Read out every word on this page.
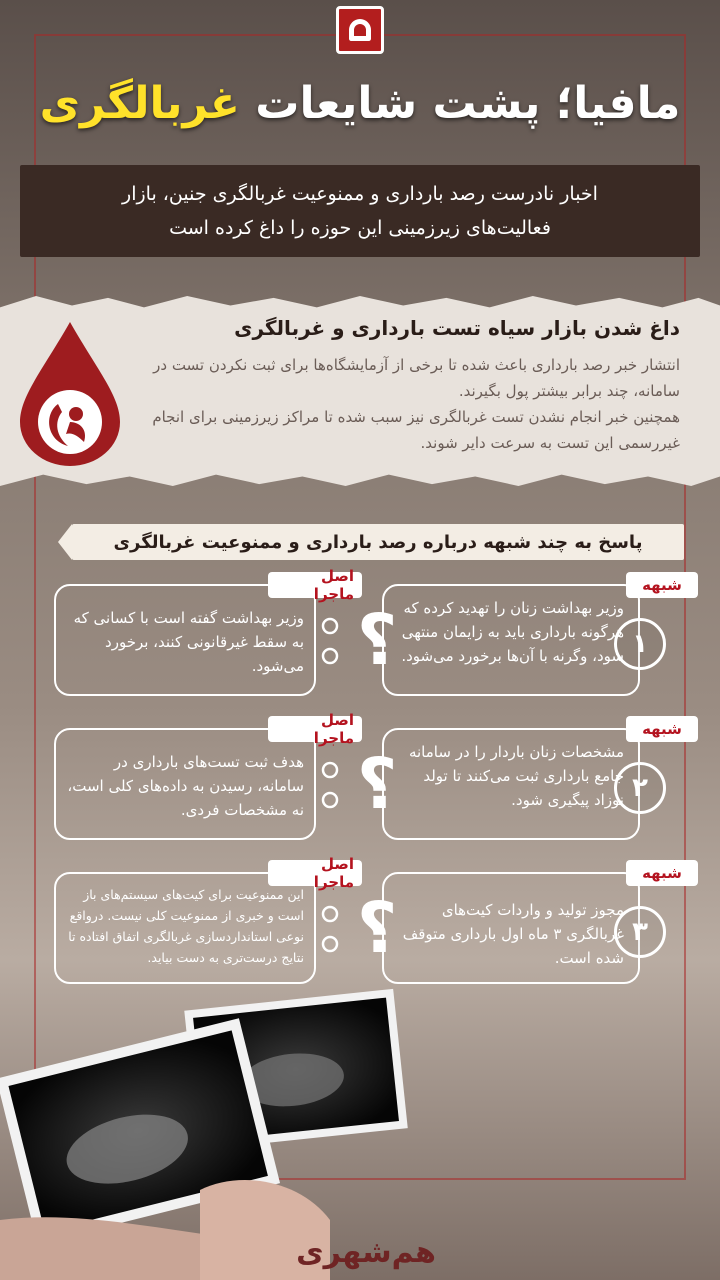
مافیا؛ پشت شایعات غربالگری

اخبار نادرست رصد بارداری و ممنوعیت غربالگری جنین، بازار
فعالیت‌های زیرزمینی این حوزه را داغ کرده است

داغ شدن بازار سیاه تست بارداری و غربالگری
انتشار خبر رصد بارداری باعث شده تا برخی از آزمایشگاه‌ها برای ثبت نکردن تست در سامانه، چند برابر بیشتر پول بگیرند.
همچنین خبر انجام نشدن تست غربالگری نیز سبب شده تا مراکز زیرزمینی برای انجام غیررسمی این تست به سرعت دایر شوند.
پاسخ به چند شبهه درباره رصد بارداری و ممنوعیت غربالگری
شبهه
اصل ماجرا
۱
وزیر بهداشت زنان را تهدید کرده که هرگونه بارداری باید به زایمان منتهی شود، وگرنه با آن‌ها برخورد می‌شود.
وزیر بهداشت گفته است با کسانی که به سقط غیرقانونی کنند، برخورد می‌شود. ؟
شبهه
اصل ماجرا
۲
مشخصات زنان باردار را در سامانه جامع بارداری ثبت می‌کنند تا تولد نوزاد پیگیری شود.
هدف ثبت تست‌های بارداری در سامانه، رسیدن به داده‌های کلی است، نه مشخصات فردی. ؟
شبهه
اصل ماجرا
۳
مجوز تولید و واردات کیت‌های غربالگری ۳ ماه اول بارداری متوقف شده است.
این ممنوعیت برای کیت‌های سیستم‌های باز است و خبری از ممنوعیت کلی نیست. درواقع نوعی استانداردسازی غربالگری اتفاق افتاده تا نتایج درست‌تری به دست بیاید. ؟
هم‌شهری
